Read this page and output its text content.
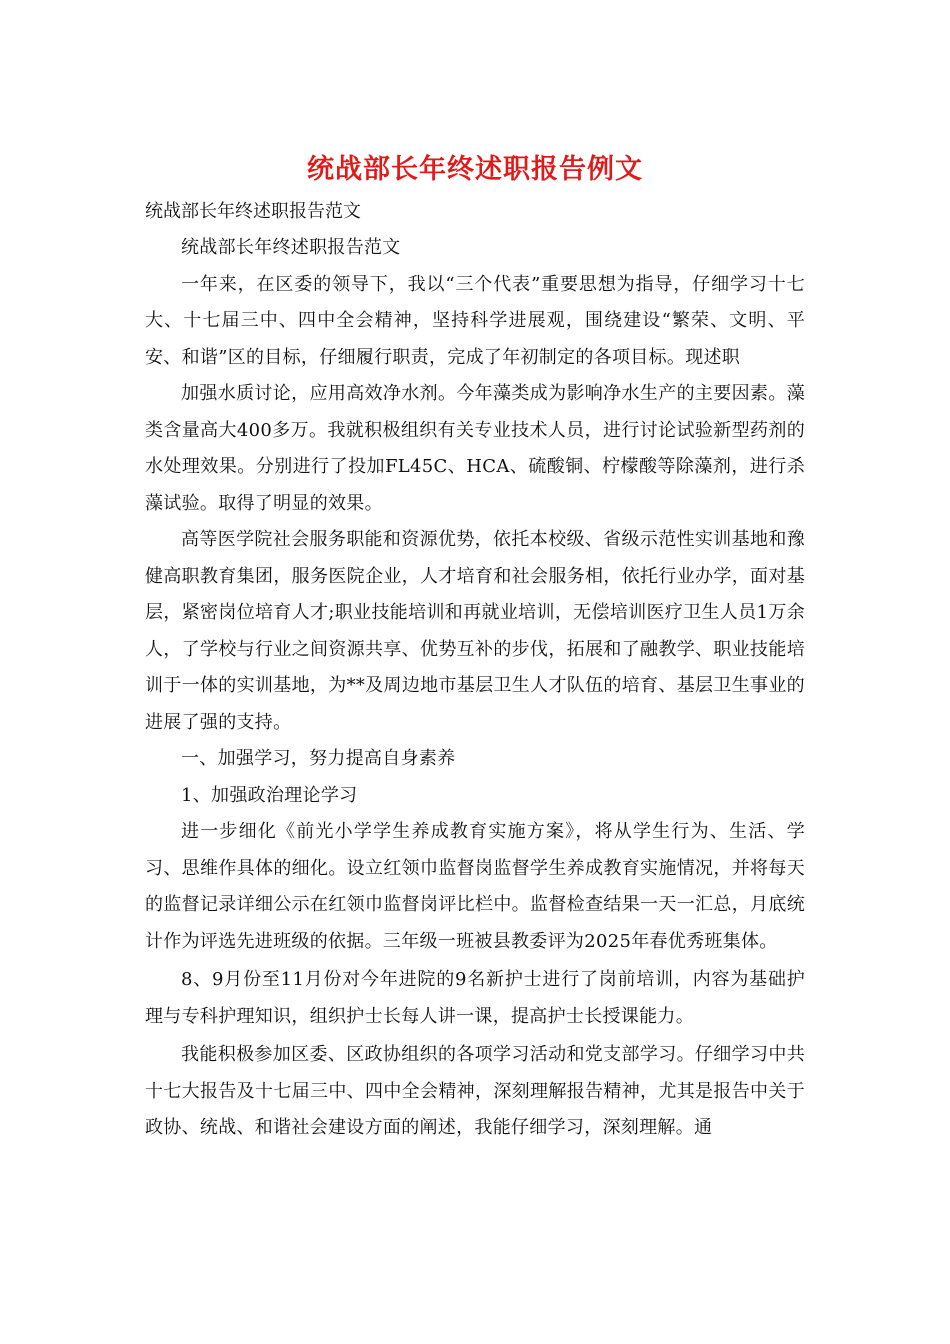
统战部长年终述职报告例文

统战部长年终述职报告范文

统战部长年终述职报告范文

一年来，在区委的领导下，我以“三个代表”重要思想为指导，仔细学习十七大、十七届三中、四中全会精神，坚持科学进展观，围绕建设“繁荣、文明、平安、和谐”区的目标，仔细履行职责，完成了年初制定的各项目标。现述职

加强水质讨论，应用高效净水剂。今年藻类成为影响净水生产的主要因素。藻类含量高大400多万。我就积极组织有关专业技术人员，进行讨论试验新型药剂的水处理效果。分别进行了投加FL45C、HCA、硫酸铜、柠檬酸等除藻剂，进行杀藻试验。取得了明显的效果。

高等医学院社会服务职能和资源优势，依托本校级、省级示范性实训基地和豫健高职教育集团，服务医院企业，人才培育和社会服务相，依托行业办学，面对基层，紧密岗位培育人才;职业技能培训和再就业培训，无偿培训医疗卫生人员1万余人，了学校与行业之间资源共享、优势互补的步伐，拓展和了融教学、职业技能培训于一体的实训基地，为**及周边地市基层卫生人才队伍的培育、基层卫生事业的进展了强的支持。

一、加强学习，努力提高自身素养

1、加强政治理论学习

进一步细化《前光小学学生养成教育实施方案》，将从学生行为、生活、学习、思维作具体的细化。设立红领巾监督岗监督学生养成教育实施情况，并将每天的监督记录详细公示在红领巾监督岗评比栏中。监督检查结果一天一汇总，月底统计作为评选先进班级的依据。三年级一班被县教委评为2025年春优秀班集体。

8、9月份至11月份对今年进院的9名新护士进行了岗前培训，内容为基础护理与专科护理知识，组织护士长每人讲一课，提高护士长授课能力。

我能积极参加区委、区政协组织的各项学习活动和党支部学习。仔细学习中共十七大报告及十七届三中、四中全会精神，深刻理解报告精神，尤其是报告中关于政协、统战、和谐社会建设方面的阐述，我能仔细学习，深刻理解。通
